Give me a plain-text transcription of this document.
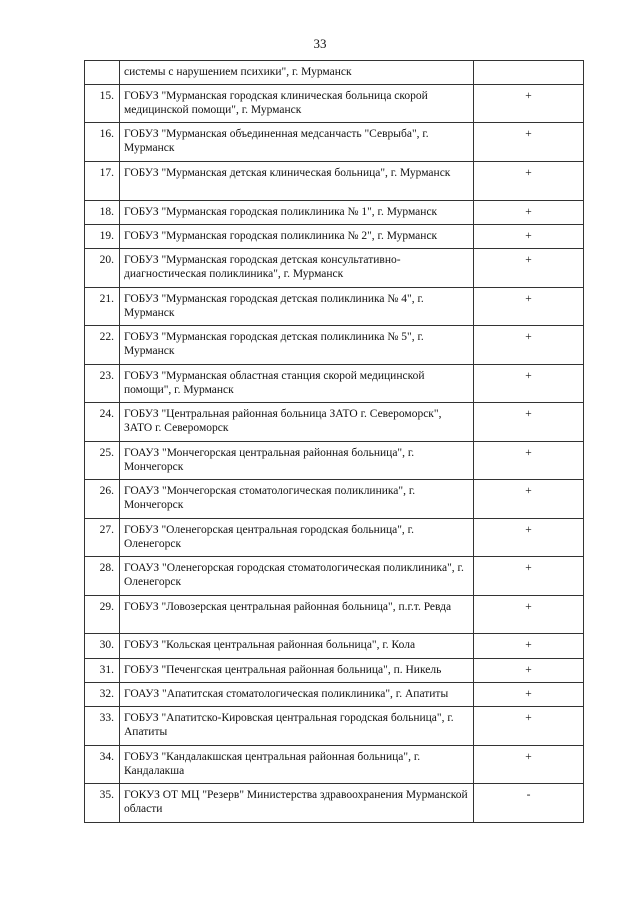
33
	системы с нарушением психики", г. Мурманск	
15.	ГОБУЗ "Мурманская городская клиническая больница скорой медицинской помощи", г. Мурманск	+
16.	ГОБУЗ "Мурманская объединенная медсанчасть "Севрыба", г. Мурманск	+
17.	ГОБУЗ "Мурманская детская клиническая больница", г. Мурманск	+
18.	ГОБУЗ "Мурманская городская поликлиника № 1", г. Мурманск	+
19.	ГОБУЗ "Мурманская городская поликлиника № 2", г. Мурманск	+
20.	ГОБУЗ "Мурманская городская детская консультативно-диагностическая поликлиника", г. Мурманск	+
21.	ГОБУЗ "Мурманская городская детская поликлиника № 4", г. Мурманск	+
22.	ГОБУЗ "Мурманская городская детская поликлиника № 5", г. Мурманск	+
23.	ГОБУЗ "Мурманская областная станция скорой медицинской помощи", г. Мурманск	+
24.	ГОБУЗ "Центральная районная больница ЗАТО г. Североморск", ЗАТО г. Североморск	+
25.	ГОАУЗ "Мончегорская центральная районная больница", г. Мончегорск	+
26.	ГОАУЗ "Мончегорская стоматологическая поликлиника", г. Мончегорск	+
27.	ГОБУЗ "Оленегорская центральная городская больница", г. Оленегорск	+
28.	ГОАУЗ "Оленегорская городская стоматологическая поликлиника", г. Оленегорск	+
29.	ГОБУЗ "Ловозерская центральная районная больница", п.г.т. Ревда	+
30.	ГОБУЗ "Кольская центральная районная больница", г. Кола	+
31.	ГОБУЗ "Печенгская центральная районная больница", п. Никель	+
32.	ГОАУЗ "Апатитская стоматологическая поликлиника", г. Апатиты	+
33.	ГОБУЗ "Апатитско-Кировская центральная городская больница", г. Апатиты	+
34.	ГОБУЗ "Кандалакшская центральная районная больница", г. Кандалакша	+
35.	ГОКУЗ ОТ МЦ "Резерв" Министерства здравоохранения Мурманской области	-
